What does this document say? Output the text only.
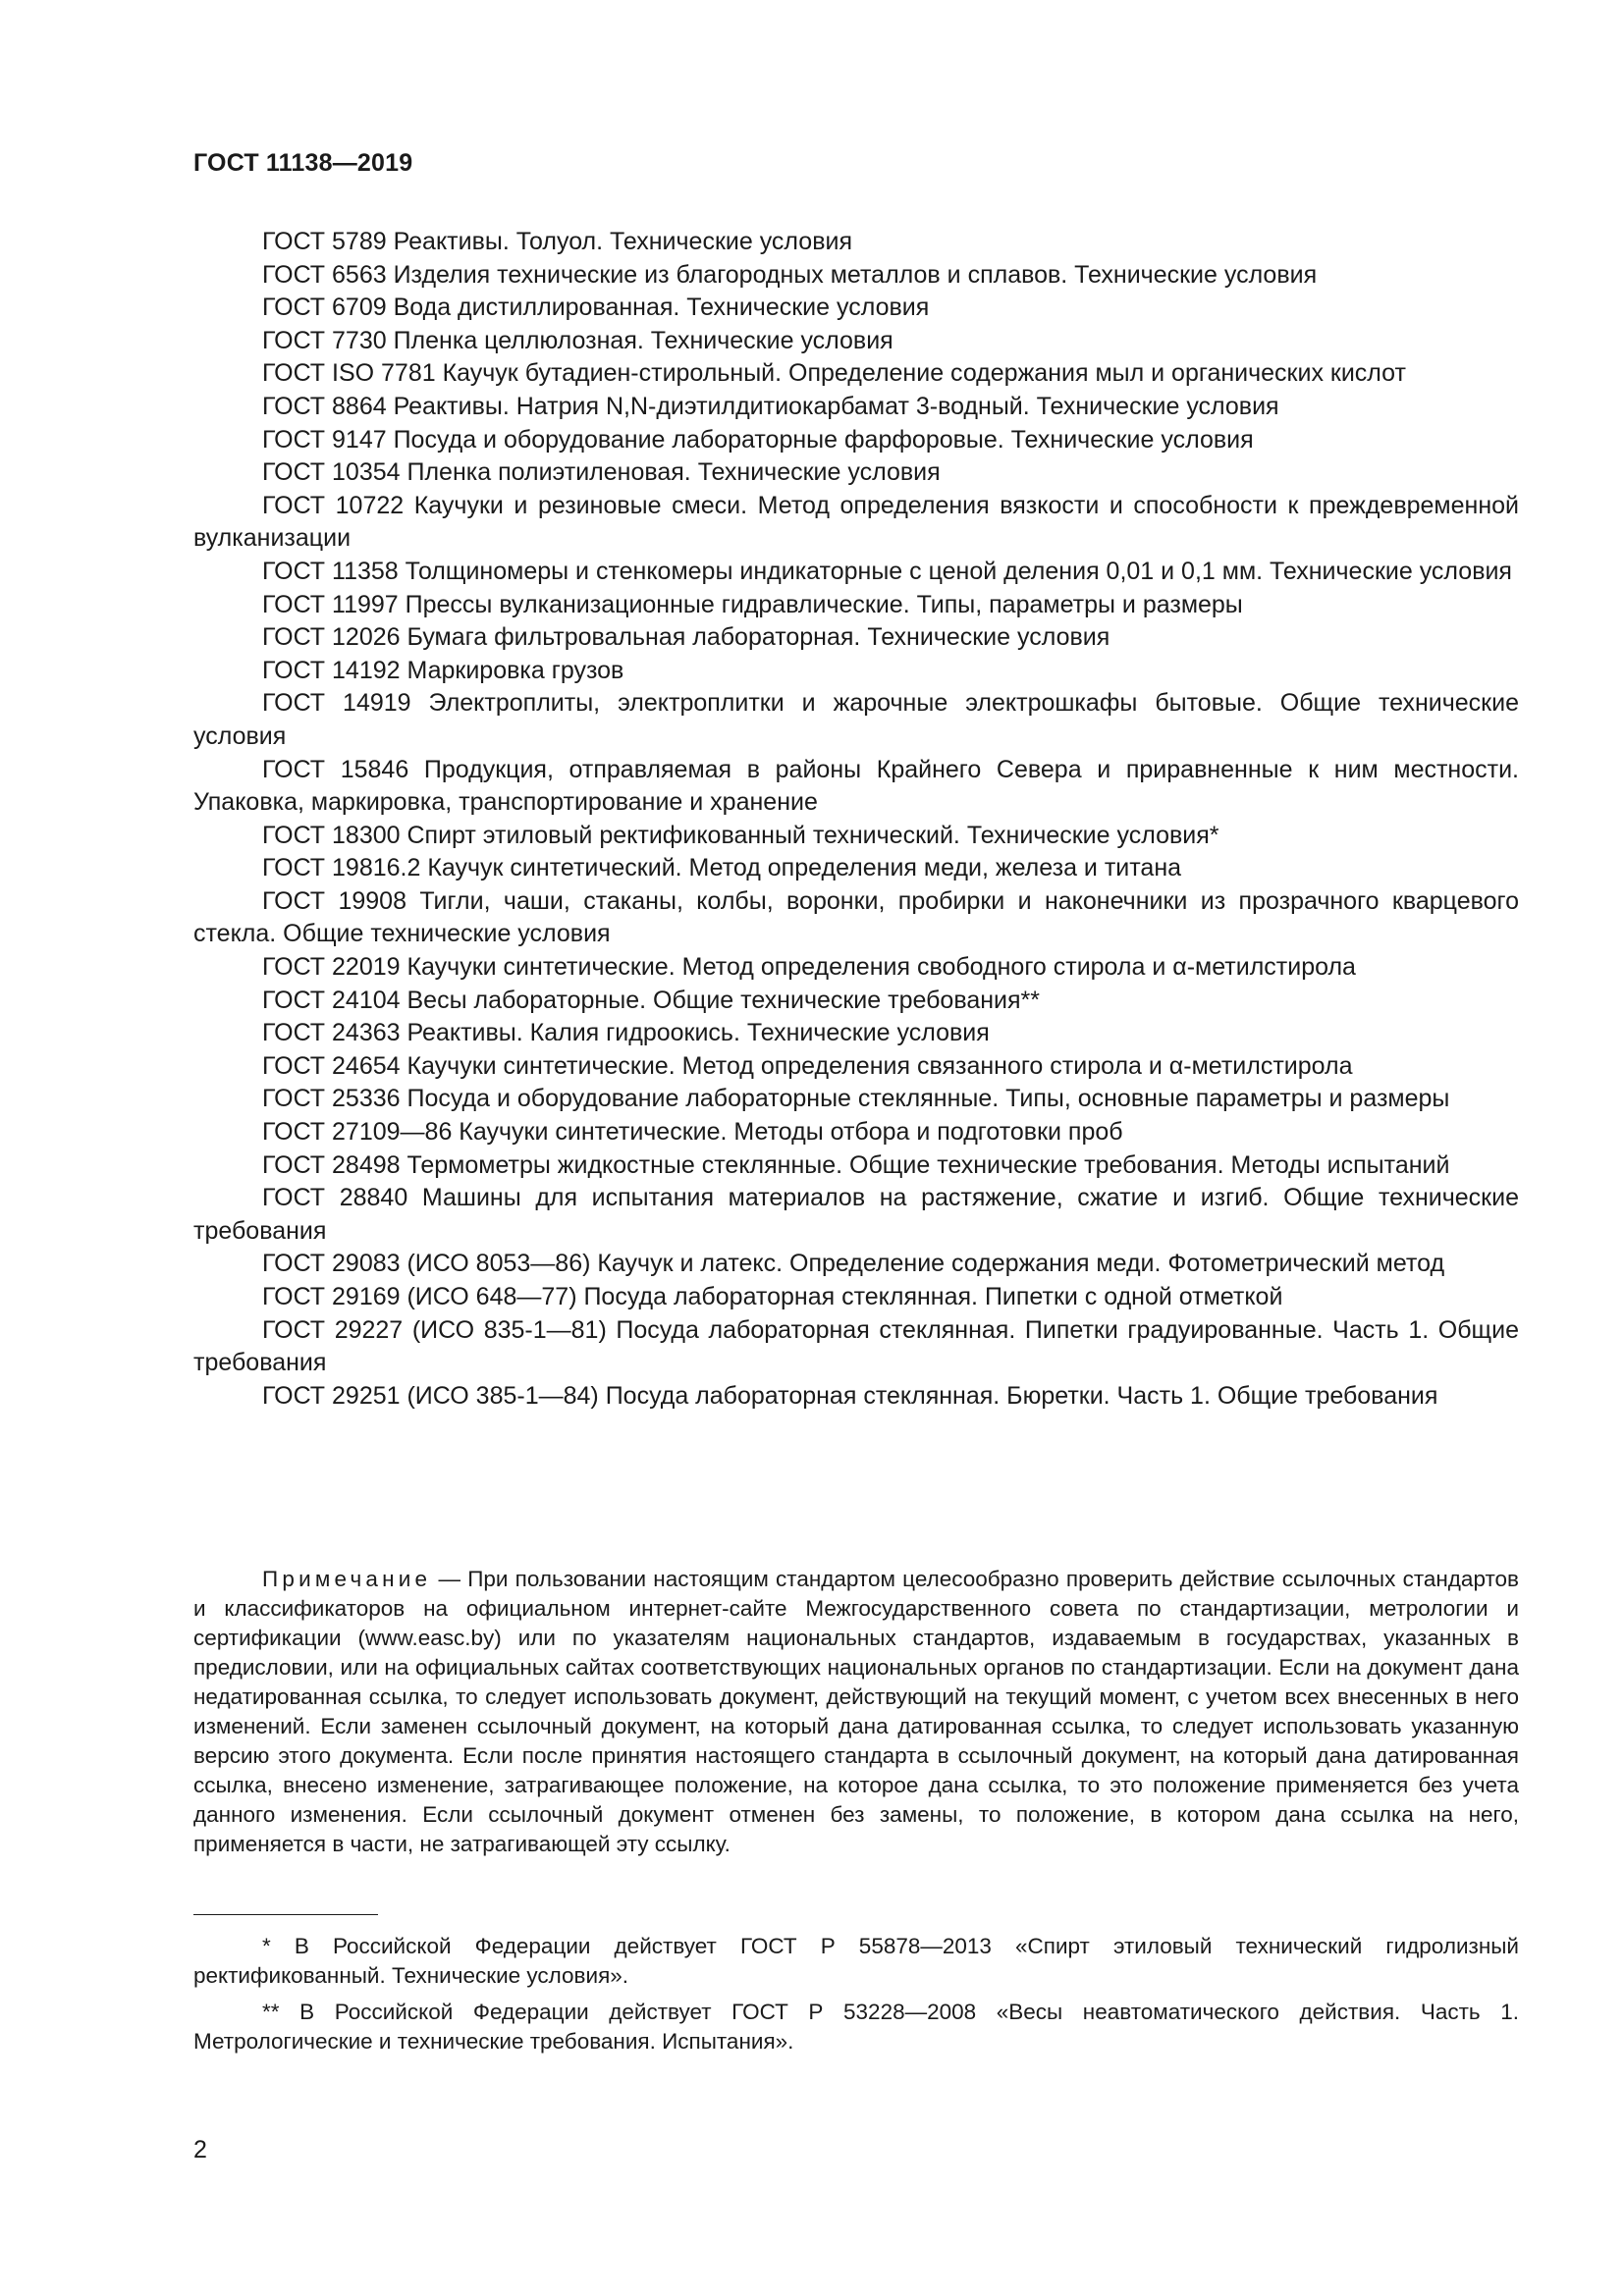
ГОСТ 11138—2019
ГОСТ 5789 Реактивы. Толуол. Технические условия
ГОСТ 6563 Изделия технические из благородных металлов и сплавов. Технические условия
ГОСТ 6709 Вода дистиллированная. Технические условия
ГОСТ 7730 Пленка целлюлозная. Технические условия
ГОСТ ISO 7781 Каучук бутадиен-стирольный. Определение содержания мыл и органических кислот
ГОСТ 8864 Реактивы. Натрия N,N-диэтилдитиокарбамат 3-водный. Технические условия
ГОСТ 9147 Посуда и оборудование лабораторные фарфоровые. Технические условия
ГОСТ 10354 Пленка полиэтиленовая. Технические условия
ГОСТ 10722 Каучуки и резиновые смеси. Метод определения вязкости и способности к преждевременной вулканизации
ГОСТ 11358 Толщиномеры и стенкомеры индикаторные с ценой деления 0,01 и 0,1 мм. Технические условия
ГОСТ 11997 Прессы вулканизационные гидравлические. Типы, параметры и размеры
ГОСТ 12026 Бумага фильтровальная лабораторная. Технические условия
ГОСТ 14192 Маркировка грузов
ГОСТ 14919 Электроплиты, электроплитки и жарочные электрошкафы бытовые. Общие технические условия
ГОСТ 15846 Продукция, отправляемая в районы Крайнего Севера и приравненные к ним местности. Упаковка, маркировка, транспортирование и хранение
ГОСТ 18300 Спирт этиловый ректификованный технический. Технические условия*
ГОСТ 19816.2 Каучук синтетический. Метод определения меди, железа и титана
ГОСТ 19908 Тигли, чаши, стаканы, колбы, воронки, пробирки и наконечники из прозрачного кварцевого стекла. Общие технические условия
ГОСТ 22019 Каучуки синтетические. Метод определения свободного стирола и α-метилстирола
ГОСТ 24104 Весы лабораторные. Общие технические требования**
ГОСТ 24363 Реактивы. Калия гидроокись. Технические условия
ГОСТ 24654 Каучуки синтетические. Метод определения связанного стирола и α-метилстирола
ГОСТ 25336 Посуда и оборудование лабораторные стеклянные. Типы, основные параметры и размеры
ГОСТ 27109—86 Каучуки синтетические. Методы отбора и подготовки проб
ГОСТ 28498 Термометры жидкостные стеклянные. Общие технические требования. Методы испытаний
ГОСТ 28840 Машины для испытания материалов на растяжение, сжатие и изгиб. Общие технические требования
ГОСТ 29083 (ИСО 8053—86) Каучук и латекс. Определение содержания меди. Фотометрический метод
ГОСТ 29169 (ИСО 648—77) Посуда лабораторная стеклянная. Пипетки с одной отметкой
ГОСТ 29227 (ИСО 835-1—81) Посуда лабораторная стеклянная. Пипетки градуированные. Часть 1. Общие требования
ГОСТ 29251 (ИСО 385-1—84) Посуда лабораторная стеклянная. Бюретки. Часть 1. Общие требования
Примечание — При пользовании настоящим стандартом целесообразно проверить действие ссылочных стандартов и классификаторов на официальном интернет-сайте Межгосударственного совета по стандартизации, метрологии и сертификации (www.easc.by) или по указателям национальных стандартов, издаваемым в государствах, указанных в предисловии, или на официальных сайтах соответствующих национальных органов по стандартизации. Если на документ дана недатированная ссылка, то следует использовать документ, действующий на текущий момент, с учетом всех внесенных в него изменений. Если заменен ссылочный документ, на который дана датированная ссылка, то следует использовать указанную версию этого документа. Если после принятия настоящего стандарта в ссылочный документ, на который дана датированная ссылка, внесено изменение, затрагивающее положение, на которое дана ссылка, то это положение применяется без учета данного изменения. Если ссылочный документ отменен без замены, то положение, в котором дана ссылка на него, применяется в части, не затрагивающей эту ссылку.
* В Российской Федерации действует ГОСТ Р 55878—2013 «Спирт этиловый технический гидролизный ректификованный. Технические условия».
** В Российской Федерации действует ГОСТ Р 53228—2008 «Весы неавтоматического действия. Часть 1. Метрологические и технические требования. Испытания».
2
